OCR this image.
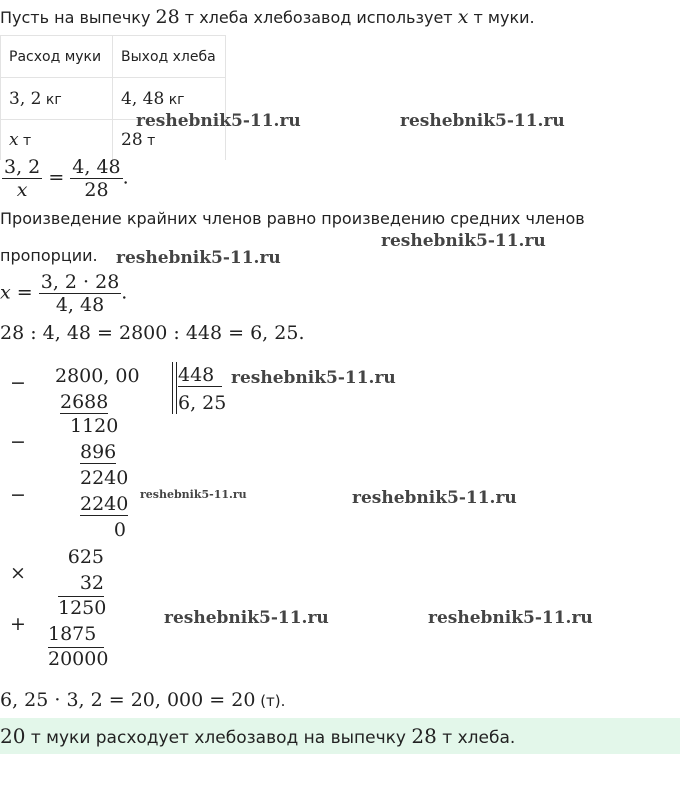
Пусть на выпечку 28 т хлеба хлебозавод использует x т муки.
Расход муки	Выход хлеба
3, 2 кг	4, 48 кг
x т	28 т
reshebnik5-11.ru	reshebnik5-11.ru
reshebnik5-11.ru
reshebnik5-11.ru
reshebnik5-11.ru
reshebnik5-11.ru	reshebnik5-11.ru
reshebnik5-11.ru	reshebnik5-11.ru
$\frac{3, 2}{x} = \frac{4, 48}{28}$ .
Произведение крайних членов равно произведению средних членов
пропорции.
$x = \frac{3, 2 \cdot 28}{4, 48}$ .
28 : 4, 48 = 2800 : 448 = 6, 25.
− 2800, 00
2688
448
6, 25
−
1120
896
−
2240
2240
0
×
625
32
1250
+ 1875
20000
6, 25 · 3, 2 = 20, 000 = 20 (т).
20 т муки расходует хлебозавод на выпечку 28 т хлеба.
